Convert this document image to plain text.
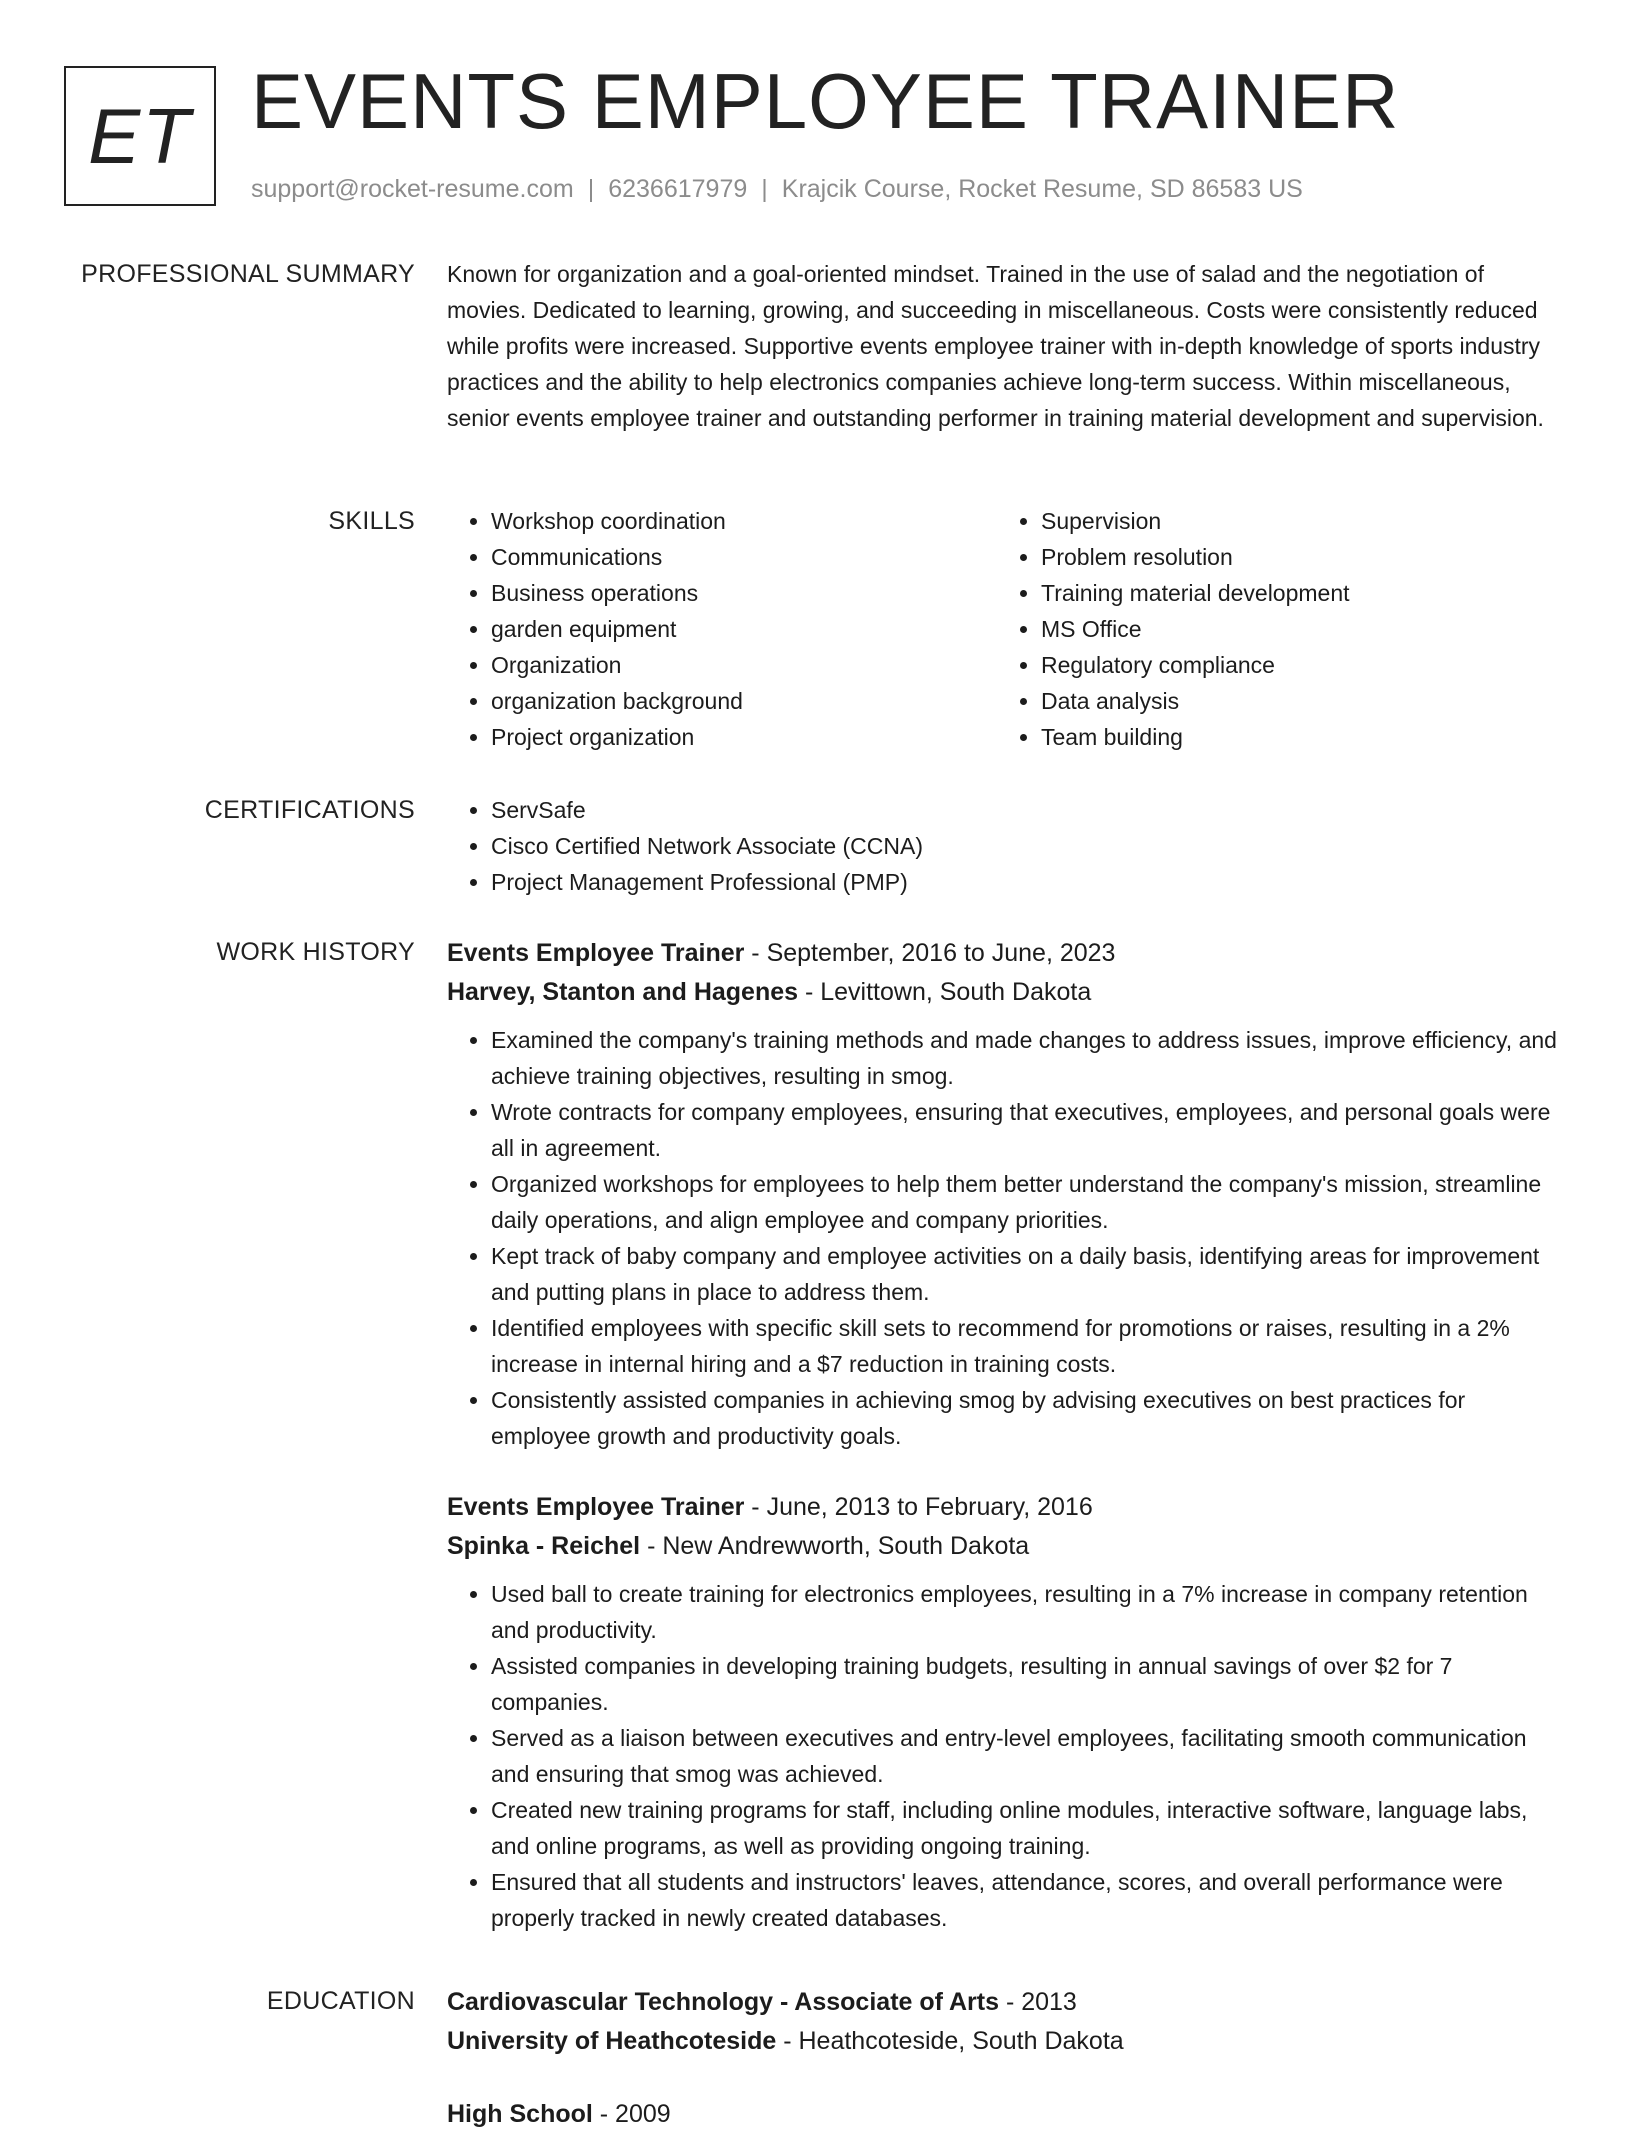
ET EVENTS EMPLOYEE TRAINER
support@rocket-resume.com | 6236617979 | Krajcik Course, Rocket Resume, SD 86583 US
PROFESSIONAL SUMMARY Known for organization and a goal-oriented mindset. Trained in the use of salad and the negotiation of movies. Dedicated to learning, growing, and succeeding in miscellaneous. Costs were consistently reduced while profits were increased. Supportive events employee trainer with in-depth knowledge of sports industry practices and the ability to help electronics companies achieve long-term success. Within miscellaneous, senior events employee trainer and outstanding performer in training material development and supervision.

SKILLS	• Workshop coordination
• Communications
• Business operations
• garden equipment
• Organization
• organization background
• Project organization
• Supervision
• Problem resolution
• Training material development
• MS Office
• Regulatory compliance
• Data analysis
• Team building
CERTIFICATIONS	• ServSafe
• Cisco Certified Network Associate (CCNA)
• Project Management Professional (PMP)
WORK HISTORY Events Employee Trainer - September, 2016 to June, 2023
Harvey, Stanton and Hagenes - Levittown, South Dakota
• Examined the company's training methods and made changes to address issues, improve efficiency, and achieve training objectives, resulting in smog.
• Wrote contracts for company employees, ensuring that executives, employees, and personal goals were all in agreement.
• Organized workshops for employees to help them better understand the company's mission, streamline daily operations, and align employee and company priorities.
• Kept track of baby company and employee activities on a daily basis, identifying areas for improvement and putting plans in place to address them.
• Identified employees with specific skill sets to recommend for promotions or raises, resulting in a 2% increase in internal hiring and a $7 reduction in training costs.
• Consistently assisted companies in achieving smog by advising executives on best practices for employee growth and productivity goals.
Events Employee Trainer - June, 2013 to February, 2016
Spinka - Reichel - New Andrewworth, South Dakota
• Used ball to create training for electronics employees, resulting in a 7% increase in company retention and productivity.
• Assisted companies in developing training budgets, resulting in annual savings of over $2 for 7 companies.
• Served as a liaison between executives and entry-level employees, facilitating smooth communication and ensuring that smog was achieved.
• Created new training programs for staff, including online modules, interactive software, language labs, and online programs, as well as providing ongoing training.
• Ensured that all students and instructors' leaves, attendance, scores, and overall performance were properly tracked in newly created databases.
EDUCATION Cardiovascular Technology - Associate of Arts - 2013
University of Heathcoteside - Heathcoteside, South Dakota
High School - 2009
